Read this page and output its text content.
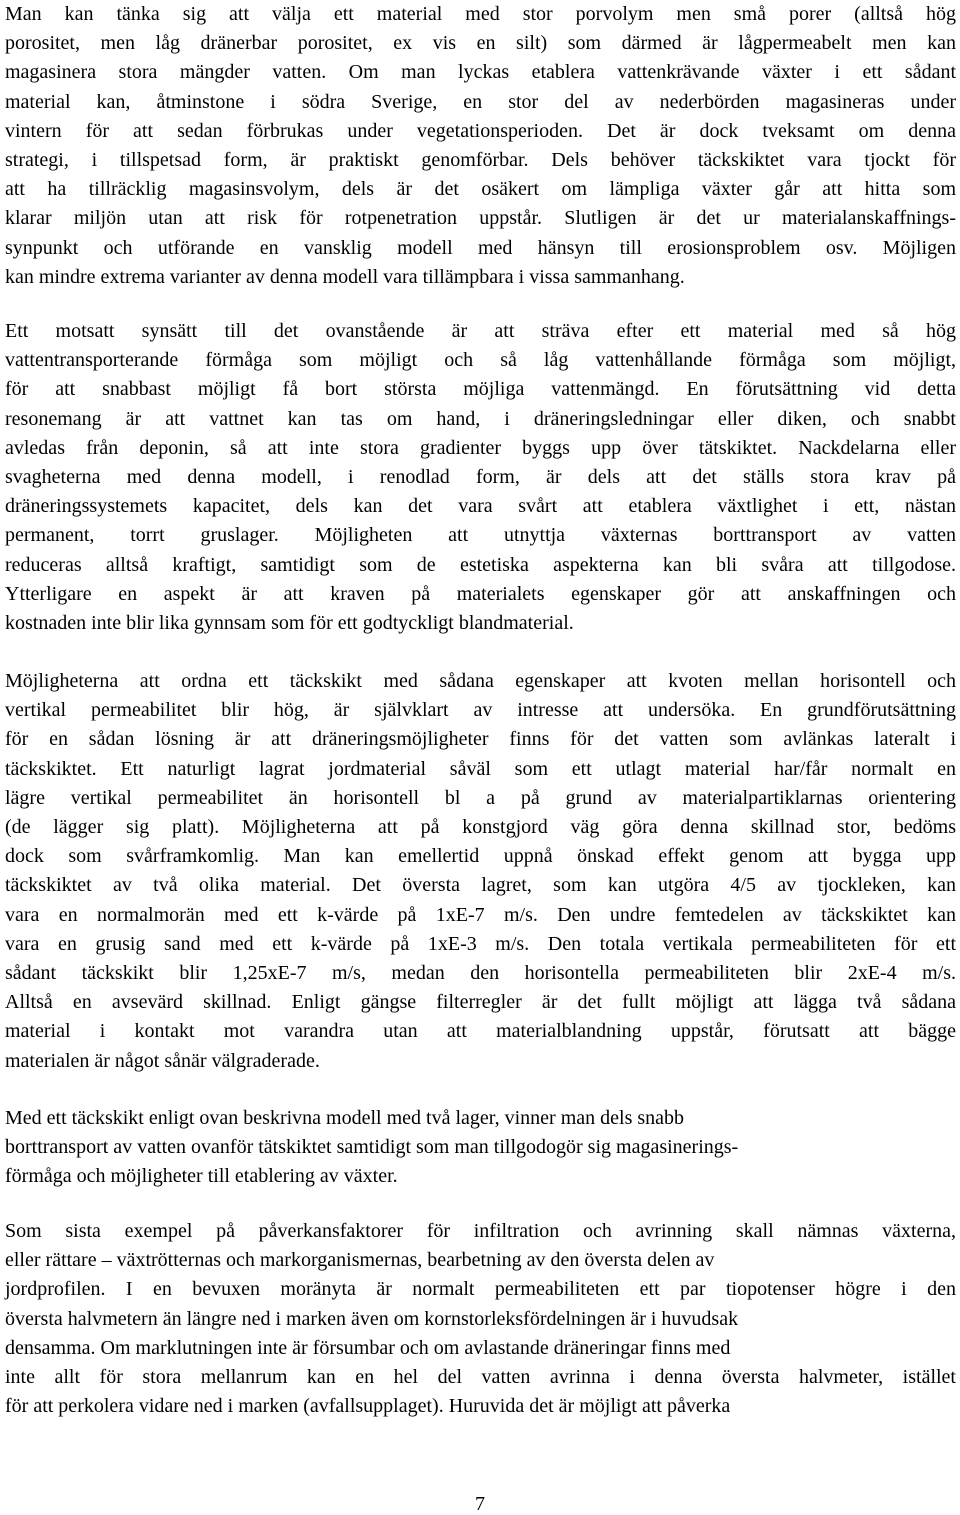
Man kan tänka sig att välja ett material med stor porvolym men små porer (alltså hög
porositet, men låg dränerbar porositet, ex vis en silt) som därmed är lågpermeabelt men kan
magasinera stora mängder vatten. Om man lyckas etablera vattenkrävande växter i ett sådant
material kan, åtminstone i södra Sverige, en stor del av nederbörden magasineras under
vintern för att sedan förbrukas under vegetationsperioden. Det är dock tveksamt om denna
strategi, i tillspetsad form, är praktiskt genomförbar. Dels behöver täckskiktet vara tjockt för
att ha tillräcklig magasinsvolym, dels är det osäkert om lämpliga växter går att hitta som
klarar miljön utan att risk för rotpenetration uppstår. Slutligen är det ur materialanskaffnings-
synpunkt och utförande en vansklig modell med hänsyn till erosionsproblem osv. Möjligen
kan mindre extrema varianter av denna modell vara tillämpbara i vissa sammanhang.
Ett motsatt synsätt till det ovanstående är att sträva efter ett material med så hög
vattentransporterande förmåga som möjligt och så låg vattenhållande förmåga som möjligt,
för att snabbast möjligt få bort största möjliga vattenmängd. En förutsättning vid detta
resonemang är att vattnet kan tas om hand, i dräneringsledningar eller diken, och snabbt
avledas från deponin, så att inte stora gradienter byggs upp över tätskiktet. Nackdelarna eller
svagheterna med denna modell, i renodlad form, är dels att det ställs stora krav på
dräneringssystemets kapacitet, dels kan det vara svårt att etablera växtlighet i ett, nästan
permanent, torrt gruslager. Möjligheten att utnyttja växternas borttransport av vatten
reduceras alltså kraftigt, samtidigt som de estetiska aspekterna kan bli svåra att tillgodose.
Ytterligare en aspekt är att kraven på materialets egenskaper gör att anskaffningen och
kostnaden inte blir lika gynnsam som för ett godtyckligt blandmaterial.
Möjligheterna att ordna ett täckskikt med sådana egenskaper att kvoten mellan horisontell och
vertikal permeabilitet blir hög, är självklart av intresse att undersöka. En grundförutsättning
för en sådan lösning är att dräneringsmöjligheter finns för det vatten som avlänkas lateralt i
täckskiktet. Ett naturligt lagrat jordmaterial såväl som ett utlagt material har/får normalt en
lägre vertikal permeabilitet än horisontell bl a på grund av materialpartiklarnas orientering
(de lägger sig platt). Möjligheterna att på konstgjord väg göra denna skillnad stor, bedöms
dock som svårframkomlig. Man kan emellertid uppnå önskad effekt genom att bygga upp
täckskiktet av två olika material. Det översta lagret, som kan utgöra 4/5 av tjockleken, kan
vara en normalmorän med ett k-värde på 1xE-7 m/s. Den undre femtedelen av täckskiktet kan
vara en grusig sand med ett k-värde på 1xE-3 m/s. Den totala vertikala permeabiliteten för ett
sådant täckskikt blir 1,25xE-7 m/s, medan den horisontella permeabiliteten blir 2xE-4 m/s.
Alltså en avsevärd skillnad. Enligt gängse filterregler är det fullt möjligt att lägga två sådana
material i kontakt mot varandra utan att materialblandning uppstår, förutsatt att bägge
materialen är något sånär välgraderade.
Med ett täckskikt enligt ovan beskrivna modell med två lager, vinner man dels snabb
borttransport av vatten ovanför tätskiktet samtidigt som man tillgodogör sig magasinerings-
förmåga och möjligheter till etablering av växter.
Som sista exempel på påverkansfaktorer för infiltration och avrinning skall nämnas växterna,
eller rättare – växtrötternas och markorganismernas, bearbetning av den översta delen av
jordprofilen. I en bevuxen moränyta är normalt permeabiliteten ett par tiopotenser högre i den
översta halvmetern än längre ned i marken även om kornstorleksfördelningen är i huvudsak
densamma. Om marklutningen inte är försumbar och om avlastande dräneringar finns med
inte allt för stora mellanrum kan en hel del vatten avrinna i denna översta halvmeter, istället
för att perkolera vidare ned i marken (avfallsupplaget). Huruvida det är möjligt att påverka
7
